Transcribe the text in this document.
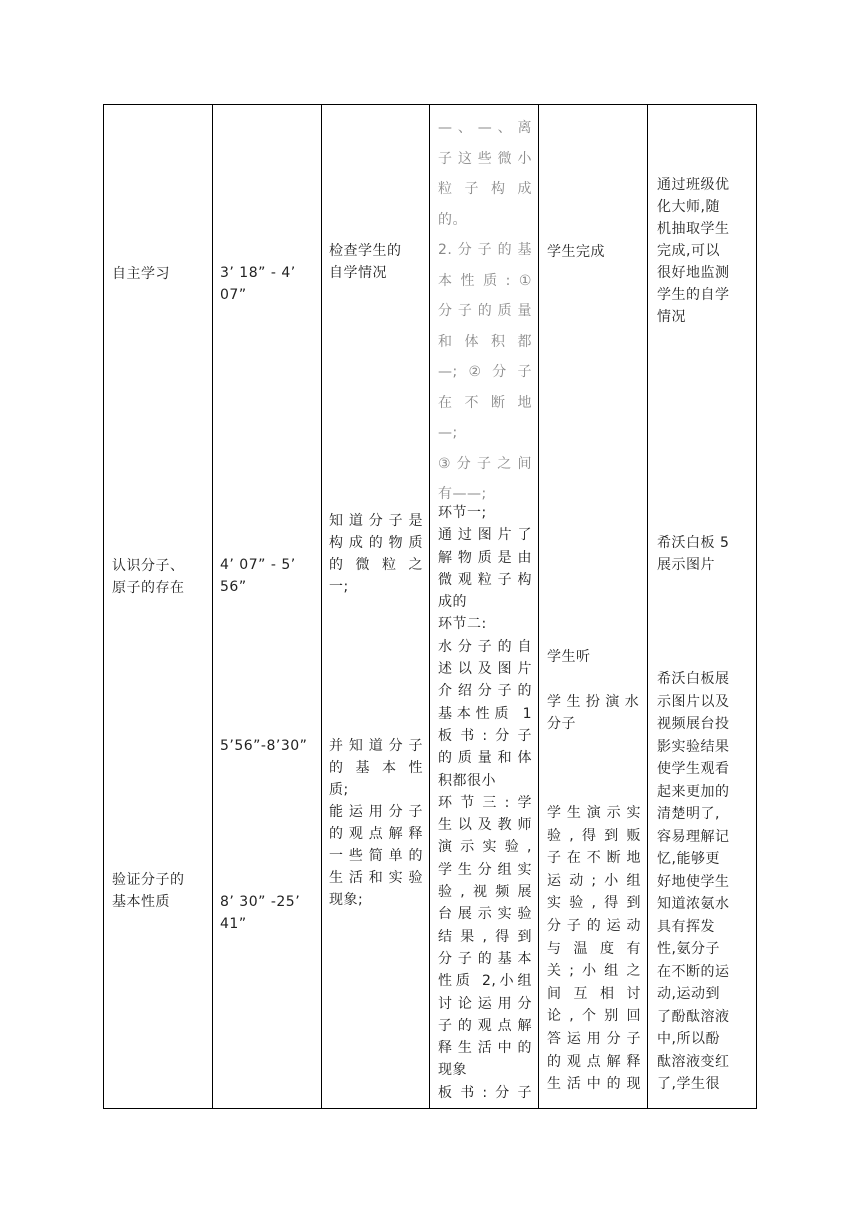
自主学习
认识分子、
原子的存在
验证分子的
基本性质
3’ 18” - 4’
07”
4’ 07” - 5’
56”
5’56”-8’30”
8’ 30” -25’
41”
检查学生的
自学情况
知道分子是
构成的物质
的 微 粒 之
一;
并知道分子
的 基 本 性
质;
能运用分子
的观点解释
一些简单的
生活和实验
现象;
—、—、离
子这些微小
粒 子 构 成
的。
2.分子的基
本性质:①
分子的质量
和 体 积 都
—;②分子
在 不 断 地
—;
③分子之间
有——;
环节一;
通过图片了
解物质是由
微观粒子构
成的
环节二:
水分子的自
述以及图片
介绍分子的
基本性质 1
板书:分子
的质量和体
积都很小
环节三:学
生以及教师
演示实验,
学生分组实
验,视频展
台展示实验
结果,得到
分子的基本
性质 2,小组
讨论运用分
子的观点解
释生活中的
现象
板书:分子
学生完成
学生听
学 生 扮 演 水
分子
学生演示实
验,得到贩
子在不断地
运动;小组
实验,得到
分子的运动
与 温 度 有
关;小组之
间 互 相 讨
论,个别回
答运用分子
的观点解释
生活中的现
通过班级优
化大师,随
机抽取学生
完成,可以
很好地监测
学生的自学
情况
希沃白板 5
展示图片
希沃白板展
示图片以及
视频展台投
影实验结果
使学生观看
起来更加的
清楚明了,
容易理解记
忆,能够更
好地使学生
知道浓氨水
具有挥发
性,氨分子
在不断的运
动,运动到
了酚酞溶液
中,所以酚
酞溶液变红
了,学生很
